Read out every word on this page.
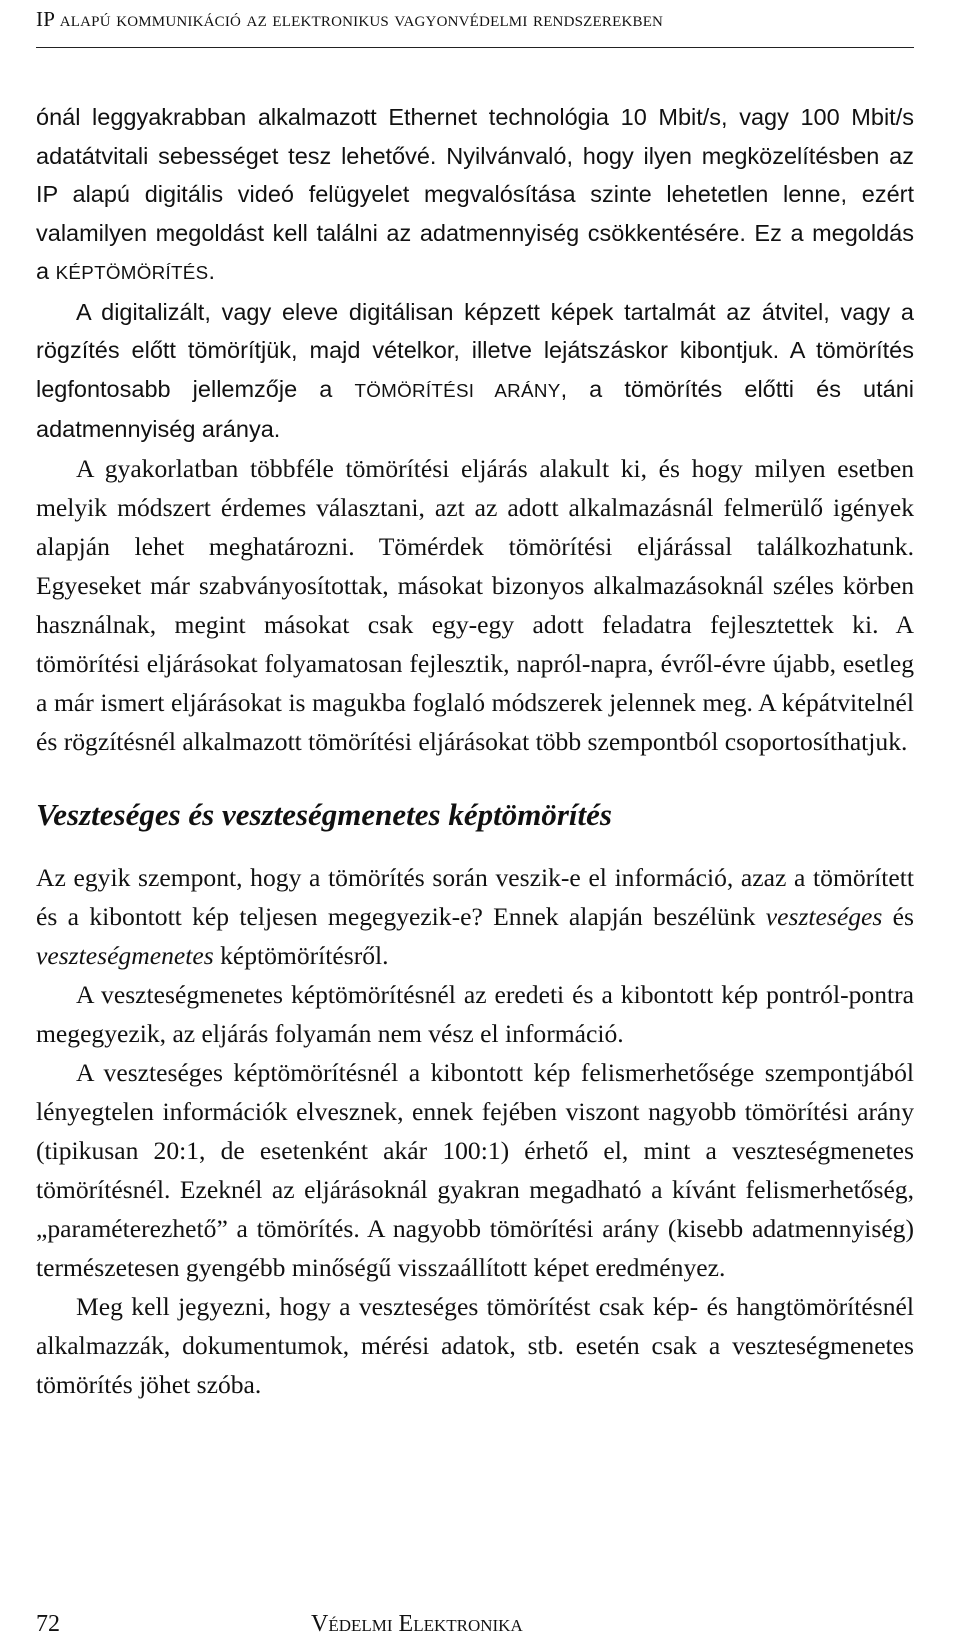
IP alapú kommunikáció az elektronikus vagyonvédelmi rendszerekben

ónál leggyakrabban alkalmazott Ethernet technológia 10 Mbit/s, vagy 100 Mbit/s adatátvitali sebességet tesz lehetővé. Nyilvánvaló, hogy ilyen megközelítésben az IP alapú digitális videó felügyelet megvalósítása szinte lehetetlen lenne, ezért valamilyen megoldást kell találni az adatmennyiség csökkentésére. Ez a megoldás a KÉPTÖMÖRÍTÉS.

A digitalizált, vagy eleve digitálisan képzett képek tartalmát az átvitel, vagy a rögzítés előtt tömörítjük, majd vételkor, illetve lejátszáskor kibontjuk. A tömörítés legfontosabb jellemzője a TÖMÖRÍTÉSI ARÁNY, a tömörítés előtti és utáni adatmennyiség aránya.

A gyakorlatban többféle tömörítési eljárás alakult ki, és hogy milyen esetben melyik módszert érdemes választani, azt az adott alkalmazásnál felmerülő igények alapján lehet meghatározni. Tömérdek tömörítési eljárással találkozhatunk. Egyeseket már szabványosítottak, másokat bizonyos alkalmazásoknál széles körben használnak, megint másokat csak egy-egy adott feladatra fejlesztettek ki. A tömörítési eljárásokat folyamatosan fejlesztik, napról-napra, évről-évre újabb, esetleg a már ismert eljárásokat is magukba foglaló módszerek jelennek meg. A képátvitelnél és rögzítésnél alkalmazott tömörítési eljárásokat több szempontból csoportosíthatjuk.

Veszteséges és veszteségmenetes képtömörítés

Az egyik szempont, hogy a tömörítés során veszik-e el információ, azaz a tömörített és a kibontott kép teljesen megegyezik-e? Ennek alapján beszélünk veszteséges és veszteségmenetes képtömörítésről.

A veszteségmenetes képtömörítésnél az eredeti és a kibontott kép pontról-pontra megegyezik, az eljárás folyamán nem vész el információ.

A veszteséges képtömörítésnél a kibontott kép felismerhetősége szempontjából lényegtelen információk elvesznek, ennek fejében viszont nagyobb tömörítési arány (tipikusan 20:1, de esetenként akár 100:1) érhető el, mint a veszteségmenetes tömörítésnél. Ezeknél az eljárásoknál gyakran megadható a kívánt felismerhetőség, „paraméterezhető” a tömörítés. A nagyobb tömörítési arány (kisebb adatmennyiség) természetesen gyengébb minőségű visszaállított képet eredményez.

Meg kell jegyezni, hogy a veszteséges tömörítést csak kép- és hangtömörítésnél alkalmazzák, dokumentumok, mérési adatok, stb. esetén csak a veszteségmenetes tömörítés jöhet szóba.

72	Védelmi Elektronika
